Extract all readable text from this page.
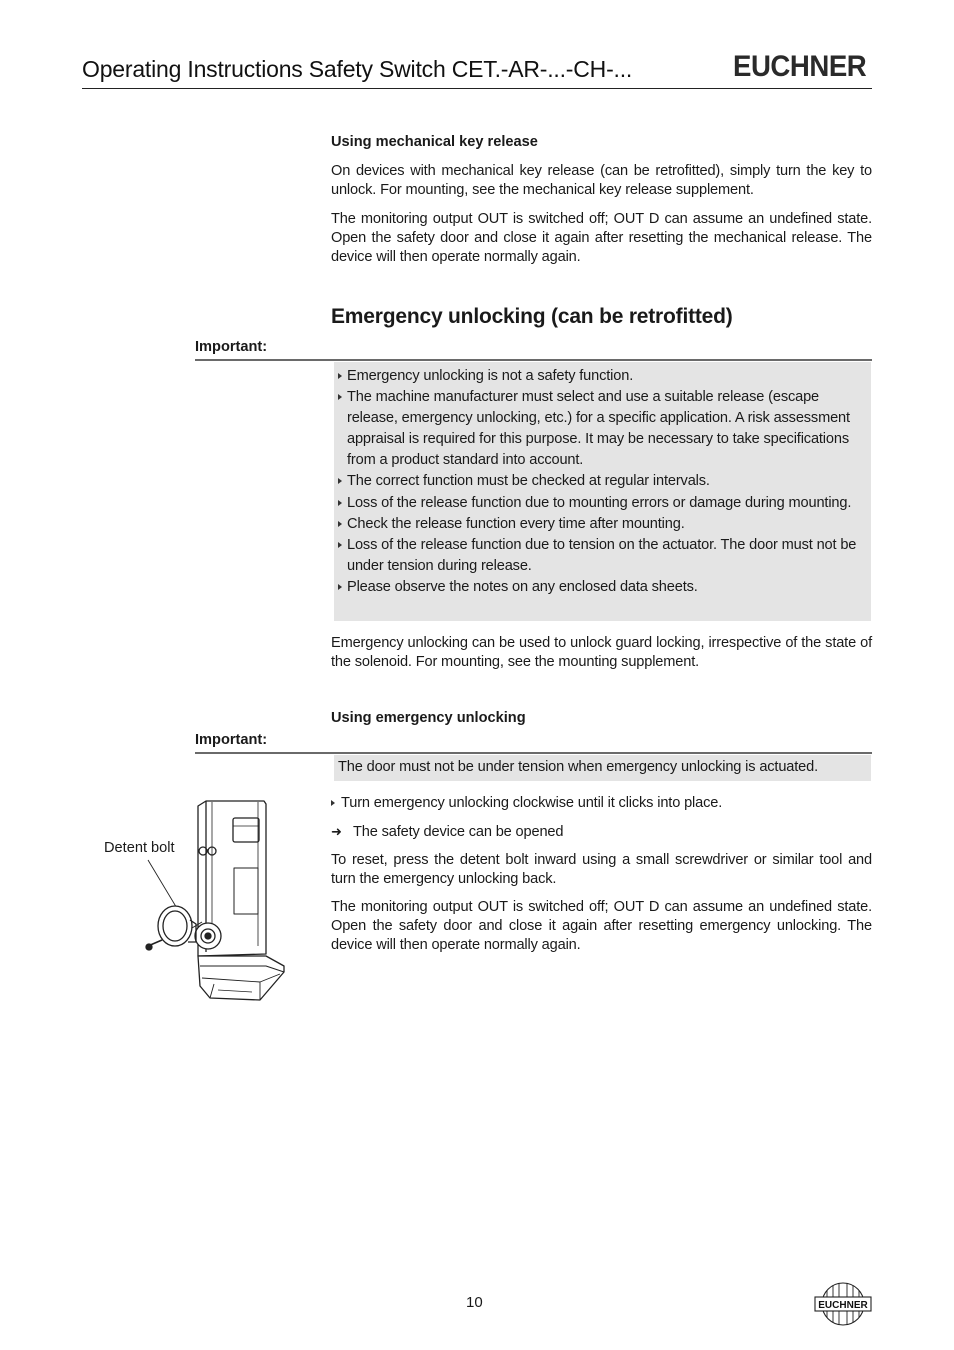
Operating Instructions Safety Switch CET.-AR-...-CH-...	EUCHNER
Using mechanical key release

On devices with mechanical key release (can be retrofitted), simply turn the key to unlock. For mounting, see the mechanical key release supplement.

The monitoring output OUT is switched off; OUT D can assume an undefined state. Open the safety door and close it again after resetting the mechanical release. The device will then operate normally again.

Emergency unlocking (can be retrofitted)
Important:
Emergency unlocking is not a safety function.
The machine manufacturer must select and use a suitable release (escape release, emergency unlocking, etc.) for a specific application. A risk assessment appraisal is required for this purpose. It may be necessary to take specifications from a product standard into account.
The correct function must be checked at regular intervals.
Loss of the release function due to mounting errors or damage during mounting.
Check the release function every time after mounting.
Loss of the release function due to tension on the actuator. The door must not be under tension during release.
Please observe the notes on any enclosed data sheets.

Emergency unlocking can be used to unlock guard locking, irrespective of the state of the solenoid. For mounting, see the mounting supplement.

Using emergency unlocking
Important:
The door must not be under tension when emergency unlocking is actuated.
Turn emergency unlocking clockwise until it clicks into place.
➜ The safety device can be opened

To reset, press the detent bolt inward using a small screwdriver or similar tool and turn the emergency unlocking back.

The monitoring output OUT is switched off; OUT D can assume an undefined state. Open the safety door and close it again after resetting emergency unlocking. The device will then operate normally again.

Detent bolt
10	EUCHNER
